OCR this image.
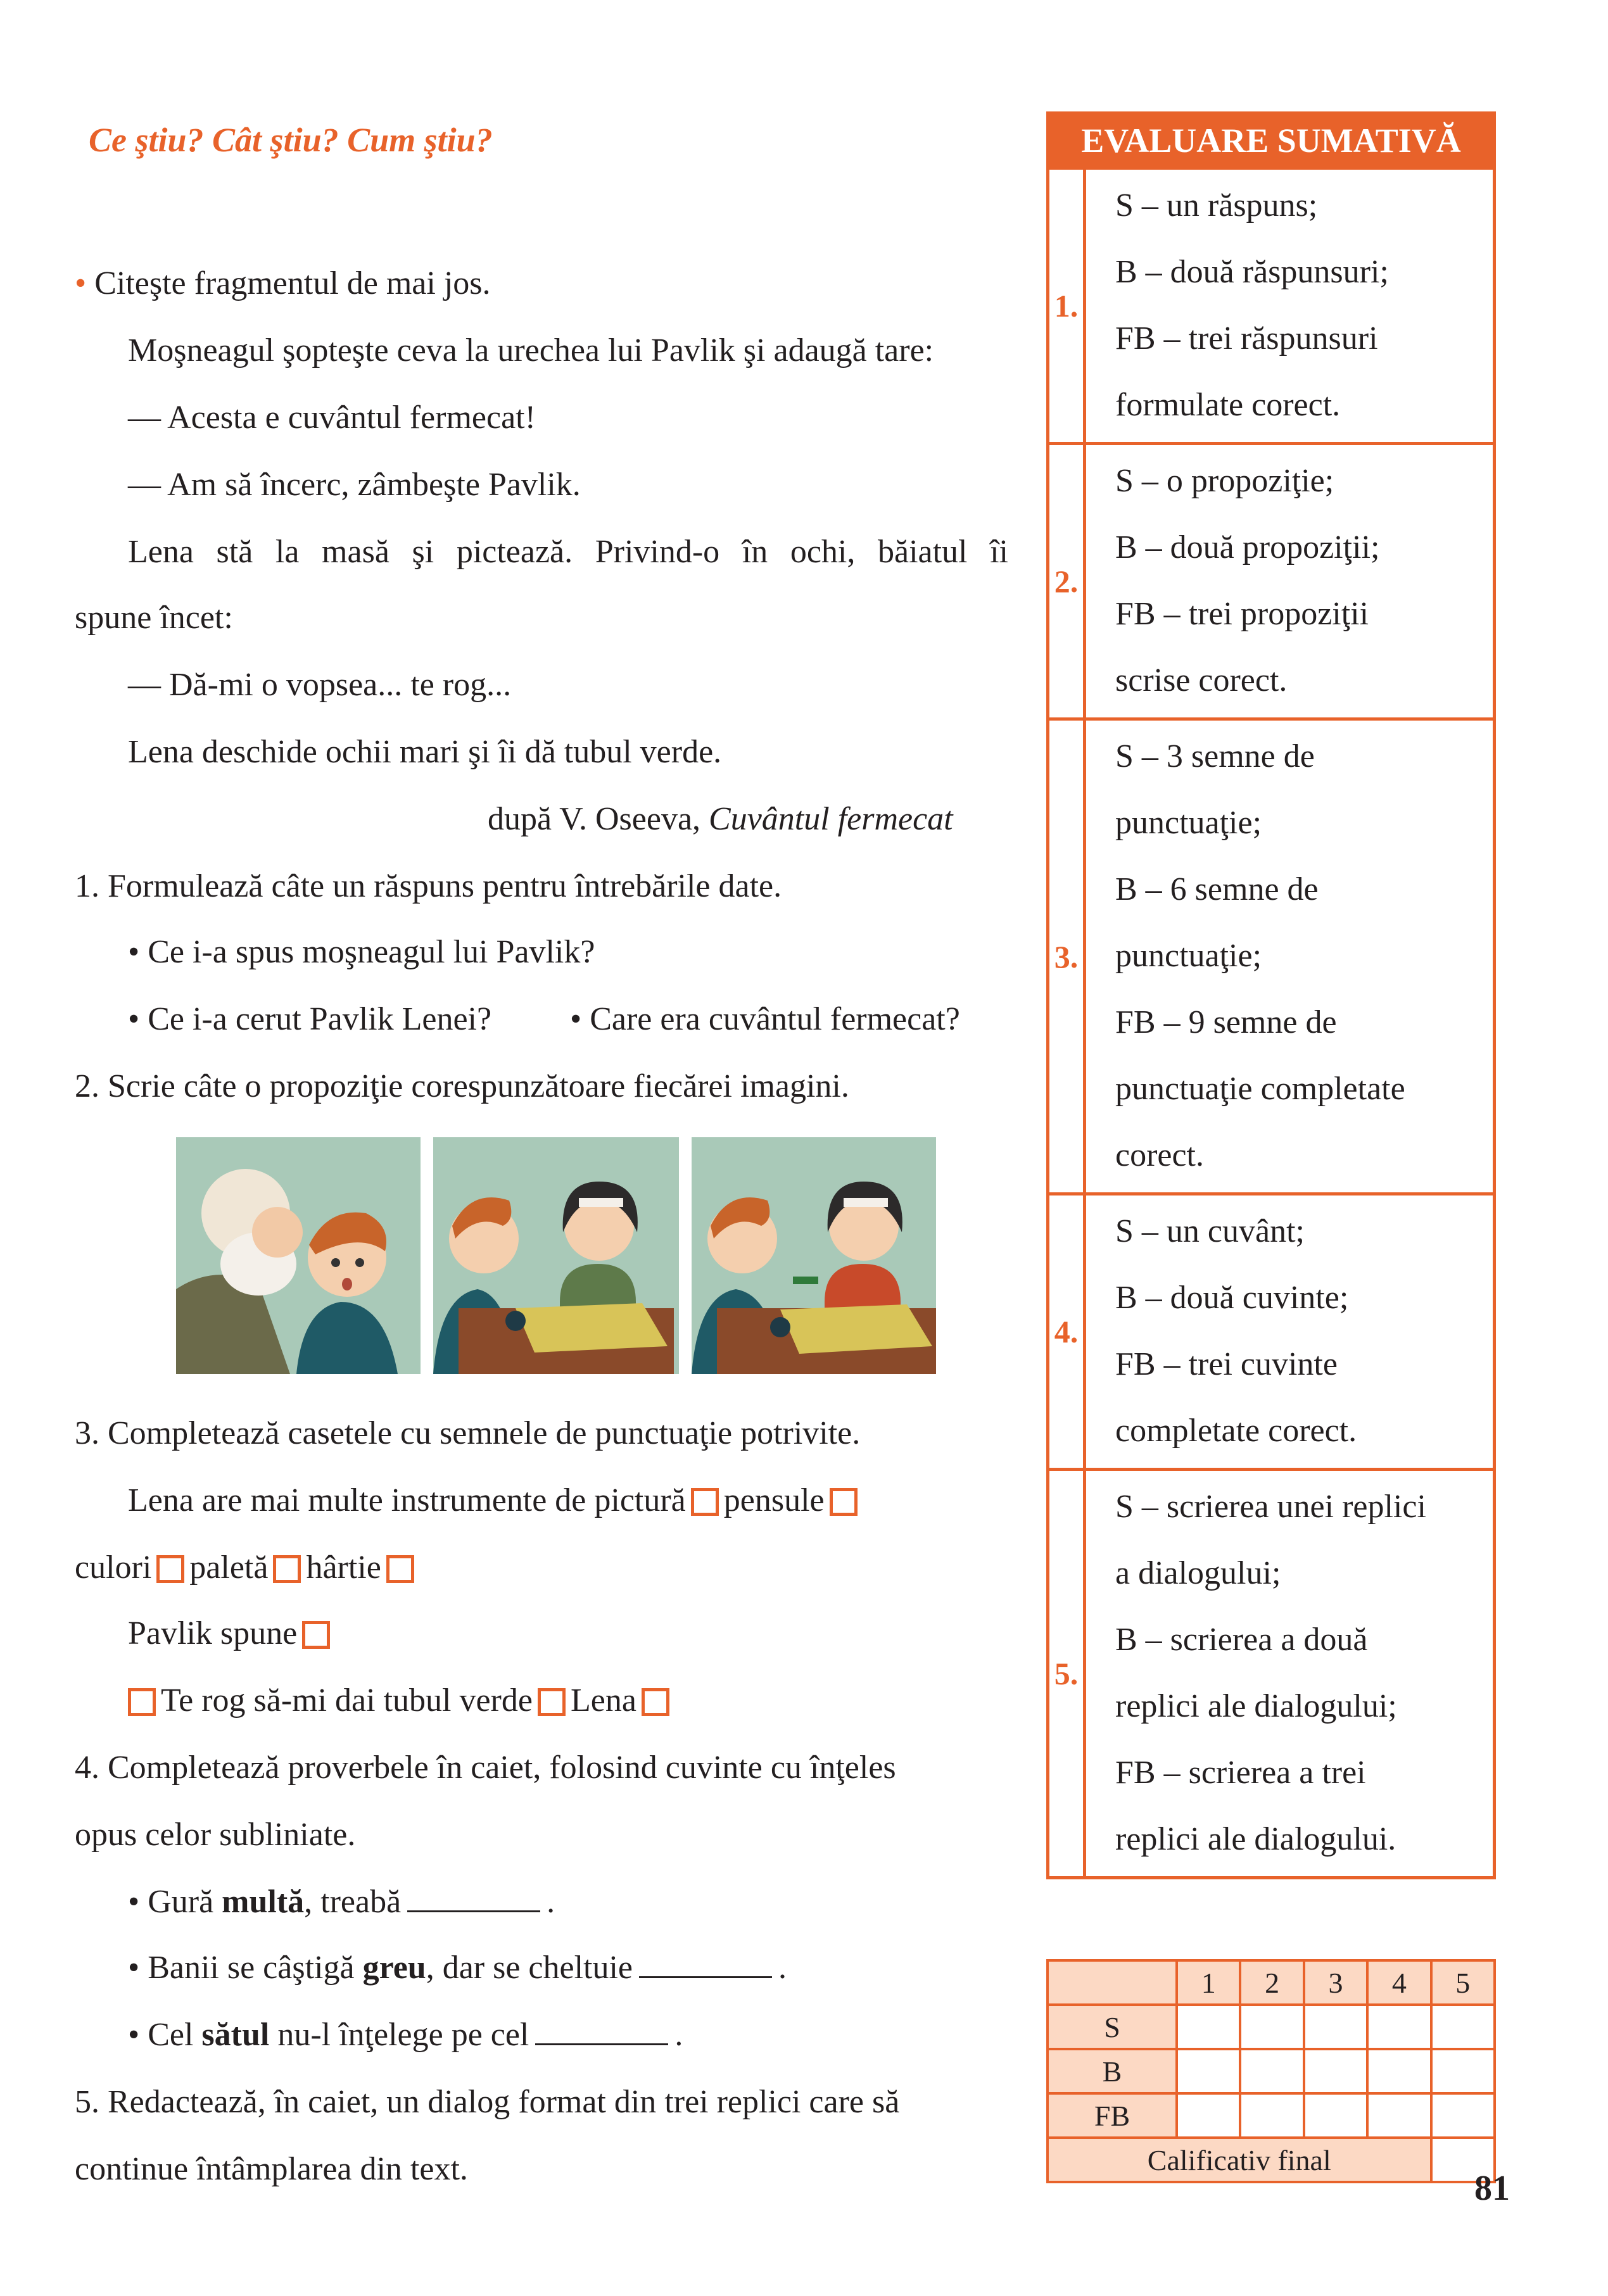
Ce ştiu? Cât ştiu? Cum ştiu?
• Citeşte fragmentul de mai jos.
Moşneagul şopteşte ceva la urechea lui Pavlik şi adaugă tare:
— Acesta e cuvântul fermecat!
— Am să încerc, zâmbeşte Pavlik.
Lena stă la masă şi pictează. Privind-o în ochi, băiatul îi
spune încet:
— Dă-mi o vopsea... te rog...
Lena deschide ochii mari şi îi dă tubul verde.
după V. Oseeva, Cuvântul fermecat
1. Formulează câte un răspuns pentru întrebările date.
• Ce i-a spus moşneagul lui Pavlik?
• Ce i-a cerut Pavlik Lenei? • Care era cuvântul fermecat?
2. Scrie câte o propoziţie corespunzătoare fiecărei imagini.
3. Completează casetele cu semnele de punctuaţie potrivite.
Lena are mai multe instrumente de pictură pensule
culori paletă hârtie
Pavlik spune
Te rog să-mi dai tubul verde Lena
4. Completează proverbele în caiet, folosind cuvinte cu înţeles
opus celor subliniate.
• Gură multă, treabă	.
• Banii se câştigă greu, dar se cheltuie	.
• Cel sătul nu-l înţelege pe cel	.
5. Redactează, în caiet, un dialog format din trei replici care să
continue întâmplarea din text.
EVALUARE SUMATIVĂ
1.
S – un răspuns;
B – două răspunsuri;
FB – trei răspunsuri
formulate corect.
2.
S – o propoziţie;
B – două propoziţii;
FB – trei propoziţii
scrise corect.
3.
S – 3 semne de
punctuaţie;
B – 6 semne de
punctuaţie;
FB – 9 semne de
punctuaţie completate
corect.
4.
S – un cuvânt;
B – două cuvinte;
FB – trei cuvinte
completate corect.
5.
S – scrierea unei replici
a dialogului;
B – scrierea a două
replici ale dialogului;
FB – scrierea a trei
replici ale dialogului.
	1	2	3	4	5
S					
B					
FB					
Calificativ final					
81
